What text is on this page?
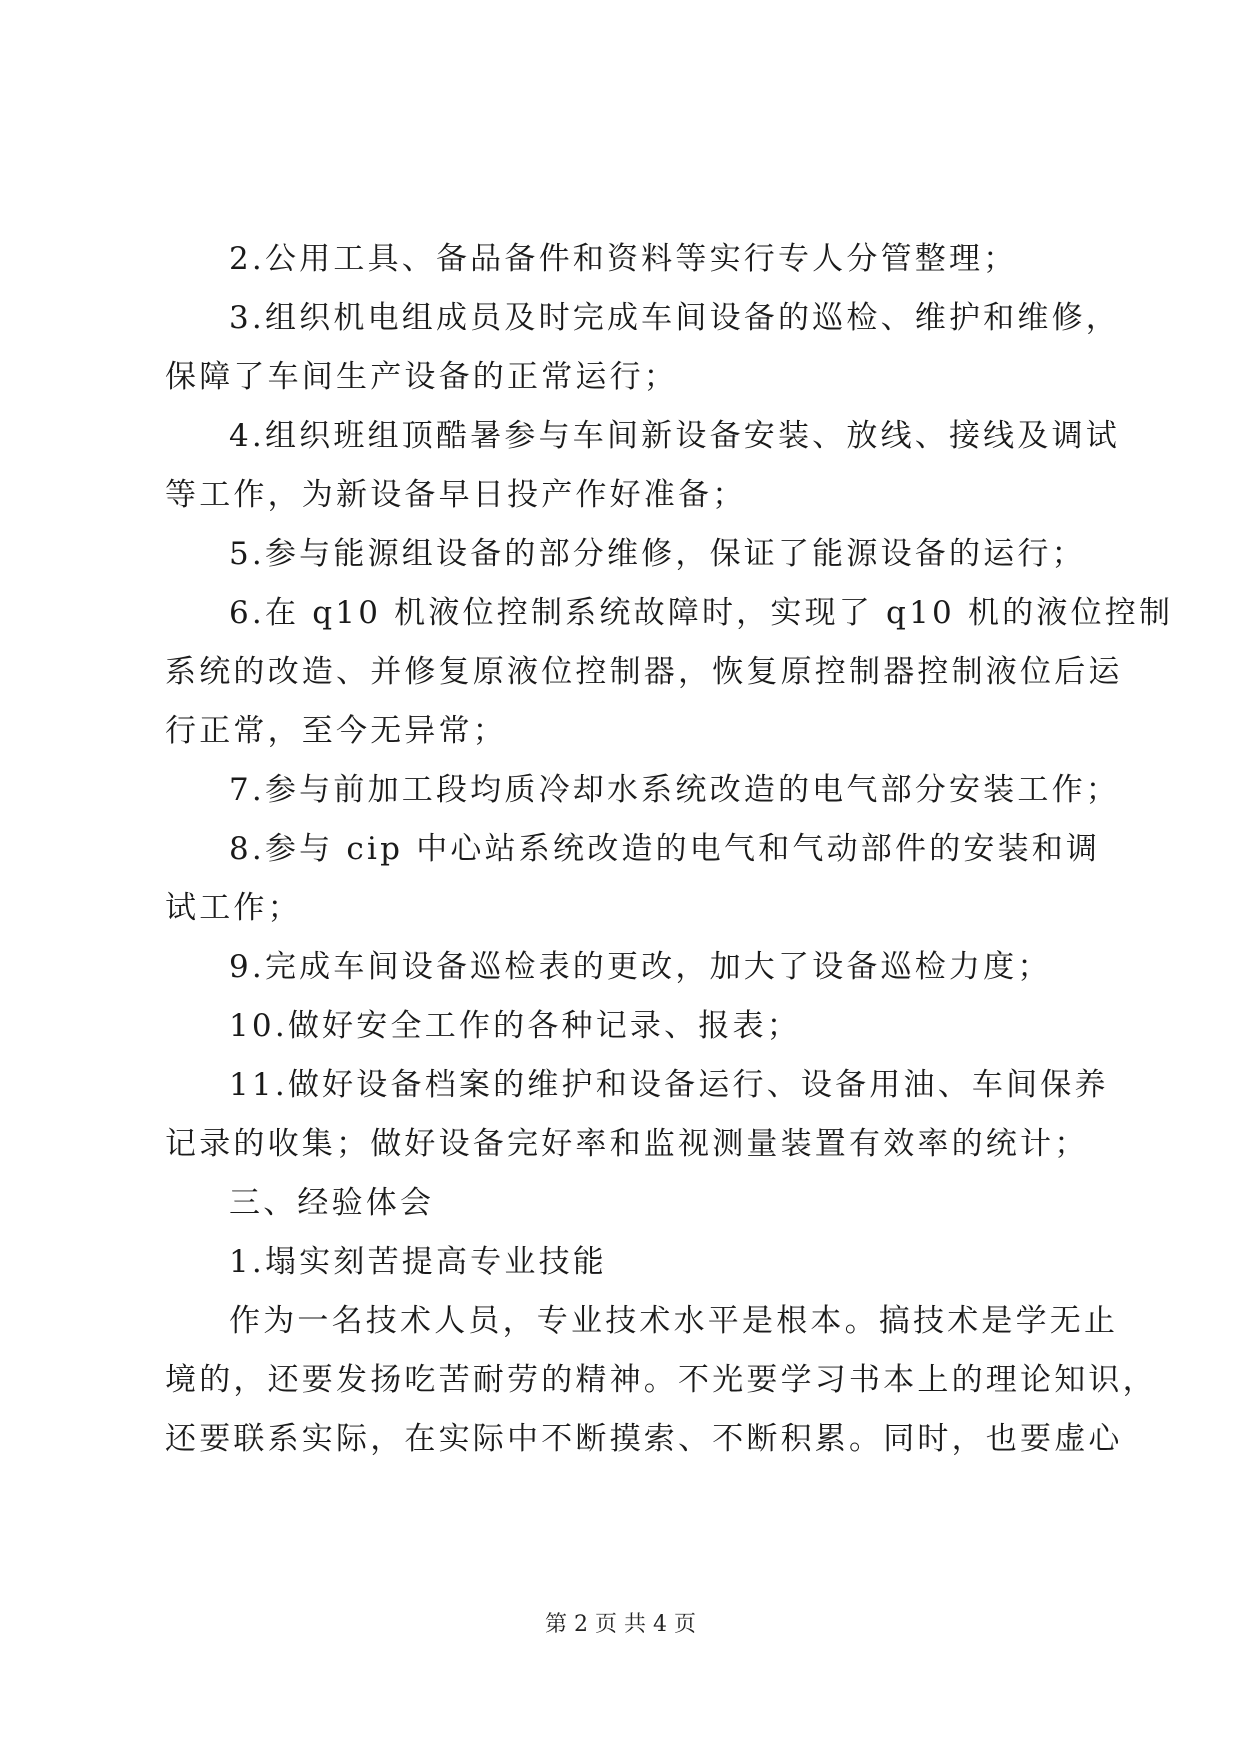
2.公用工具、备品备件和资料等实行专人分管整理；
3.组织机电组成员及时完成车间设备的巡检、维护和维修，
保障了车间生产设备的正常运行；
4.组织班组顶酷暑参与车间新设备安装、放线、接线及调试
等工作，为新设备早日投产作好准备；
5.参与能源组设备的部分维修，保证了能源设备的运行；
6.在 q10 机液位控制系统故障时，实现了 q10 机的液位控制
系统的改造、并修复原液位控制器，恢复原控制器控制液位后运
行正常，至今无异常；
7.参与前加工段均质冷却水系统改造的电气部分安装工作；
8.参与 cip 中心站系统改造的电气和气动部件的安装和调
试工作；
9.完成车间设备巡检表的更改，加大了设备巡检力度；
10.做好安全工作的各种记录、报表；
11.做好设备档案的维护和设备运行、设备用油、车间保养
记录的收集；做好设备完好率和监视测量装置有效率的统计；
三、经验体会
1.塌实刻苦提高专业技能
作为一名技术人员，专业技术水平是根本。搞技术是学无止
境的，还要发扬吃苦耐劳的精神。不光要学习书本上的理论知识，
还要联系实际，在实际中不断摸索、不断积累。同时，也要虚心
第 2 页 共 4 页
